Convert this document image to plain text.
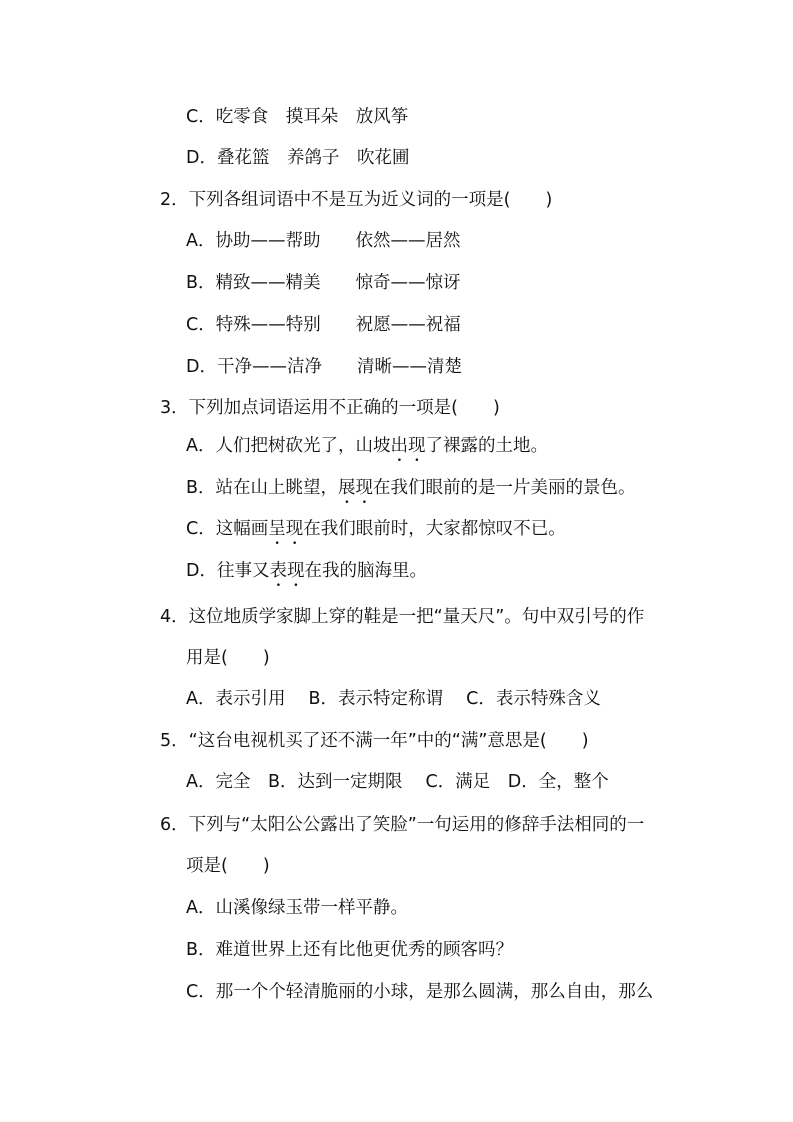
C．吃零食　摸耳朵　放风筝
D．叠花篮　养鸽子　吹花圃
2．下列各组词语中不是互为近义词的一项是(　　)
A．协助——帮助　　依然——居然
B．精致——精美　　惊奇——惊讶
C．特殊——特别　　祝愿——祝福
D．干净——洁净　　清晰——清楚
3．下列加点词语运用不正确的一项是(　　)
A．人们把树砍光了，山坡出现了裸露的土地。
B．站在山上眺望，展现在我们眼前的是一片美丽的景色。
C．这幅画呈现在我们眼前时，大家都惊叹不已。
D．往事又表现在我的脑海里。
4．这位地质学家脚上穿的鞋是一把“量天尺”。句中双引号的作
用是(　　)
A．表示引用　 B．表示特定称谓　 C．表示特殊含义
5．“这台电视机买了还不满一年”中的“满”意思是(　　)
A．完全　B．达到一定期限　 C．满足　D．全，整个
6．下列与“太阳公公露出了笑脸”一句运用的修辞手法相同的一
项是(　　)
A．山溪像绿玉带一样平静。
B．难道世界上还有比他更优秀的顾客吗？
C．那一个个轻清脆丽的小球，是那么圆满，那么自由，那么
